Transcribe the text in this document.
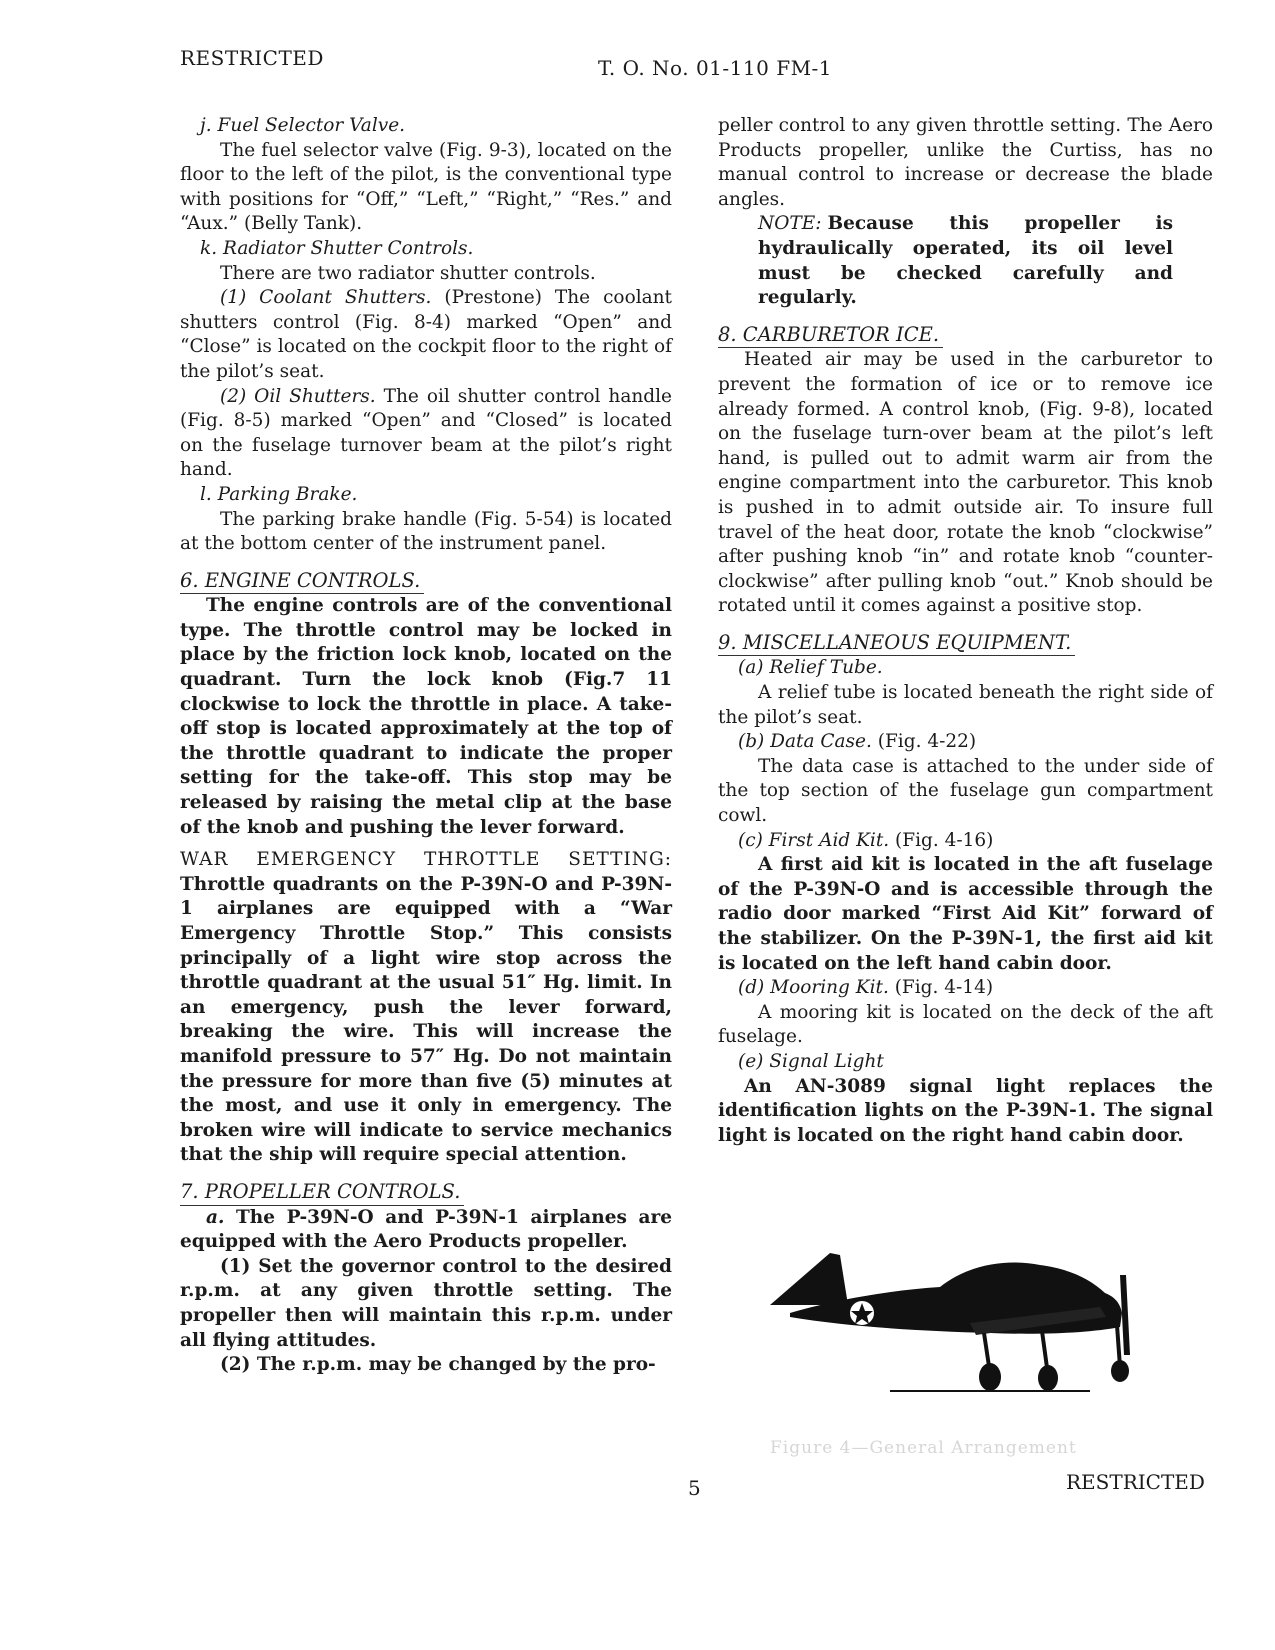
RESTRICTED	T. O. No. 01-110 FM-1

j. Fuel Selector Valve.

The fuel selector valve (Fig. 9-3), located on the floor to the left of the pilot, is the conventional type with positions for “Off,” “Left,” “Right,” “Res.” and “Aux.” (Belly Tank).

k. Radiator Shutter Controls.

There are two radiator shutter controls.

(1) Coolant Shutters. (Prestone) The coolant shutters control (Fig. 8-4) marked “Open” and “Close” is located on the cockpit floor to the right of the pilot’s seat.

(2) Oil Shutters. The oil shutter control handle (Fig. 8-5) marked “Open” and “Closed” is located on the fuselage turnover beam at the pilot’s right hand.

l. Parking Brake.

The parking brake handle (Fig. 5-54) is located at the bottom center of the instrument panel.

6. ENGINE CONTROLS.

The engine controls are of the conventional type. The throttle control may be locked in place by the friction lock knob, located on the quadrant. Turn the lock knob (Fig.7 11 clockwise to lock the throttle in place. A take-off stop is located approximately at the top of the throttle quadrant to indicate the proper setting for the take-off. This stop may be released by raising the metal clip at the base of the knob and pushing the lever forward.

WAR EMERGENCY THROTTLE SETTING: Throttle quadrants on the P-39N-O and P-39N-1 airplanes are equipped with a “War Emergency Throttle Stop.” This consists principally of a light wire stop across the throttle quadrant at the usual 51″ Hg. limit. In an emergency, push the lever forward, breaking the wire. This will increase the manifold pressure to 57″ Hg. Do not maintain the pressure for more than five (5) minutes at the most, and use it only in emergency. The broken wire will indicate to service mechanics that the ship will require special attention.

7. PROPELLER CONTROLS.

a. The P-39N-O and P-39N-1 airplanes are equipped with the Aero Products propeller.

(1) Set the governor control to the desired r.p.m. at any given throttle setting. The propeller then will maintain this r.p.m. under all flying attitudes.

(2) The r.p.m. may be changed by the pro-

peller control to any given throttle setting. The Aero Products propeller, unlike the Curtiss, has no manual control to increase or decrease the blade angles.

NOTE: Because this propeller is hydraulically operated, its oil level must be checked carefully and regularly.

8. CARBURETOR ICE.

Heated air may be used in the carburetor to prevent the formation of ice or to remove ice already formed. A control knob, (Fig. 9-8), located on the fuselage turn-over beam at the pilot’s left hand, is pulled out to admit warm air from the engine compartment into the carburetor. This knob is pushed in to admit outside air. To insure full travel of the heat door, rotate the knob “clockwise” after pushing knob “in” and rotate knob “counter-clockwise” after pulling knob “out.” Knob should be rotated until it comes against a positive stop.

9. MISCELLANEOUS EQUIPMENT.

(a) Relief Tube.

A relief tube is located beneath the right side of the pilot’s seat.

(b) Data Case. (Fig. 4-22)

The data case is attached to the under side of the top section of the fuselage gun compartment cowl.

(c) First Aid Kit. (Fig. 4-16)

A first aid kit is located in the aft fuselage of the P-39N-O and is accessible through the radio door marked “First Aid Kit” forward of the stabilizer. On the P-39N-1, the first aid kit is located on the left hand cabin door.

(d) Mooring Kit. (Fig. 4-14)

A mooring kit is located on the deck of the aft fuselage.

(e) Signal Light

An AN-3089 signal light replaces the identification lights on the P-39N-1. The signal light is located on the right hand cabin door.

Figure 4—General Arrangement
5	RESTRICTED
